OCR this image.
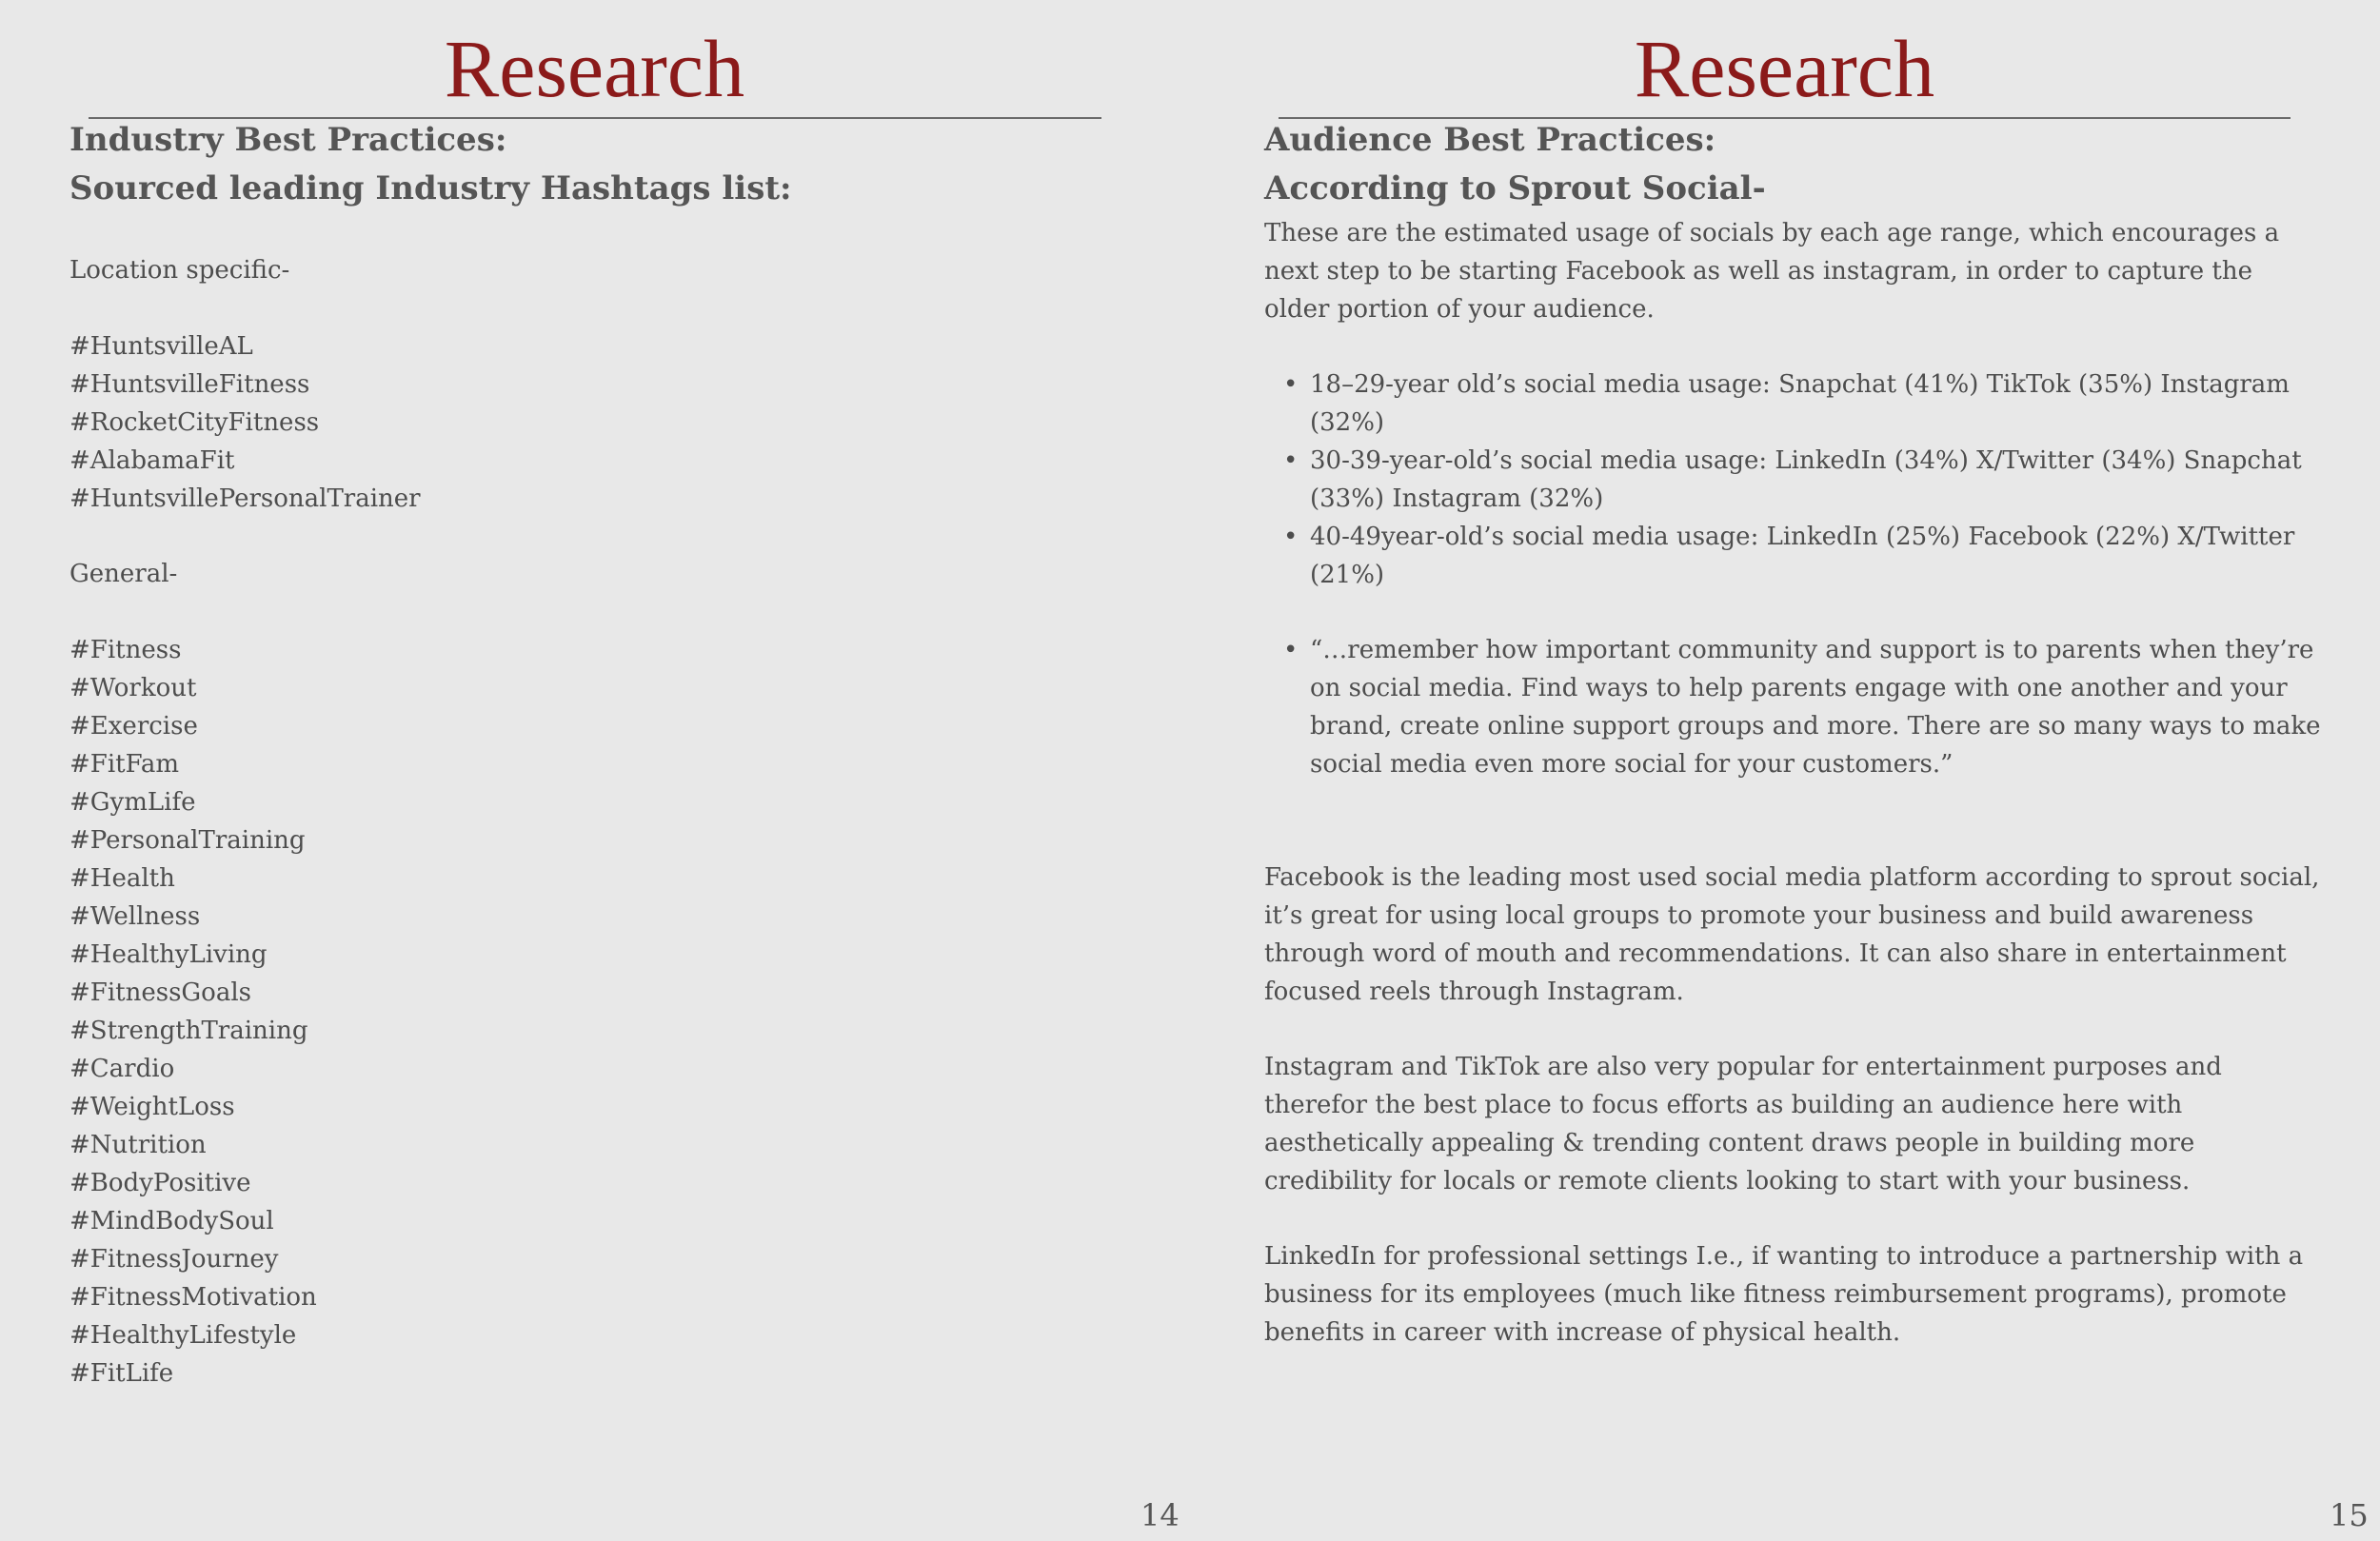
Research
Industry Best Practices:
Sourced leading Industry Hashtags list:

Location specific-

#HuntsvilleAL
#HuntsvilleFitness
#RocketCityFitness
#AlabamaFit
#HuntsvillePersonalTrainer

General-

#Fitness
#Workout
#Exercise
#FitFam
#GymLife
#PersonalTraining
#Health
#Wellness
#HealthyLiving
#FitnessGoals
#StrengthTraining
#Cardio
#WeightLoss
#Nutrition
#BodyPositive
#MindBodySoul
#FitnessJourney
#FitnessMotivation
#HealthyLifestyle
#FitLife
14
Research
Audience Best Practices:
According to Sprout Social-

These are the estimated usage of socials by each age range, which encourages a next step to be starting Facebook as well as instagram, in order to capture the older portion of your audience.

• 18–29-year old’s social media usage: Snapchat (41%) TikTok (35%) Instagram (32%)
• 30-39-year-old’s social media usage: LinkedIn (34%) X/Twitter (34%) Snapchat (33%) Instagram (32%)
• 40-49year-old’s social media usage: LinkedIn (25%) Facebook (22%) X/Twitter (21%)
• “…remember how important community and support is to parents when they’re on social media. Find ways to help parents engage with one another and your brand, create online support groups and more. There are so many ways to make social media even more social for your customers.”

Facebook is the leading most used social media platform according to sprout social, it’s great for using local groups to promote your business and build awareness through word of mouth and recommendations. It can also share in entertainment focused reels through Instagram.

Instagram and TikTok are also very popular for entertainment purposes and therefor the best place to focus efforts as building an audience here with aesthetically appealing & trending content draws people in building more credibility for locals or remote clients looking to start with your business.

LinkedIn for professional settings I.e., if wanting to introduce a partnership with a business for its employees (much like fitness reimbursement programs), promote benefits in career with increase of physical health.

15
